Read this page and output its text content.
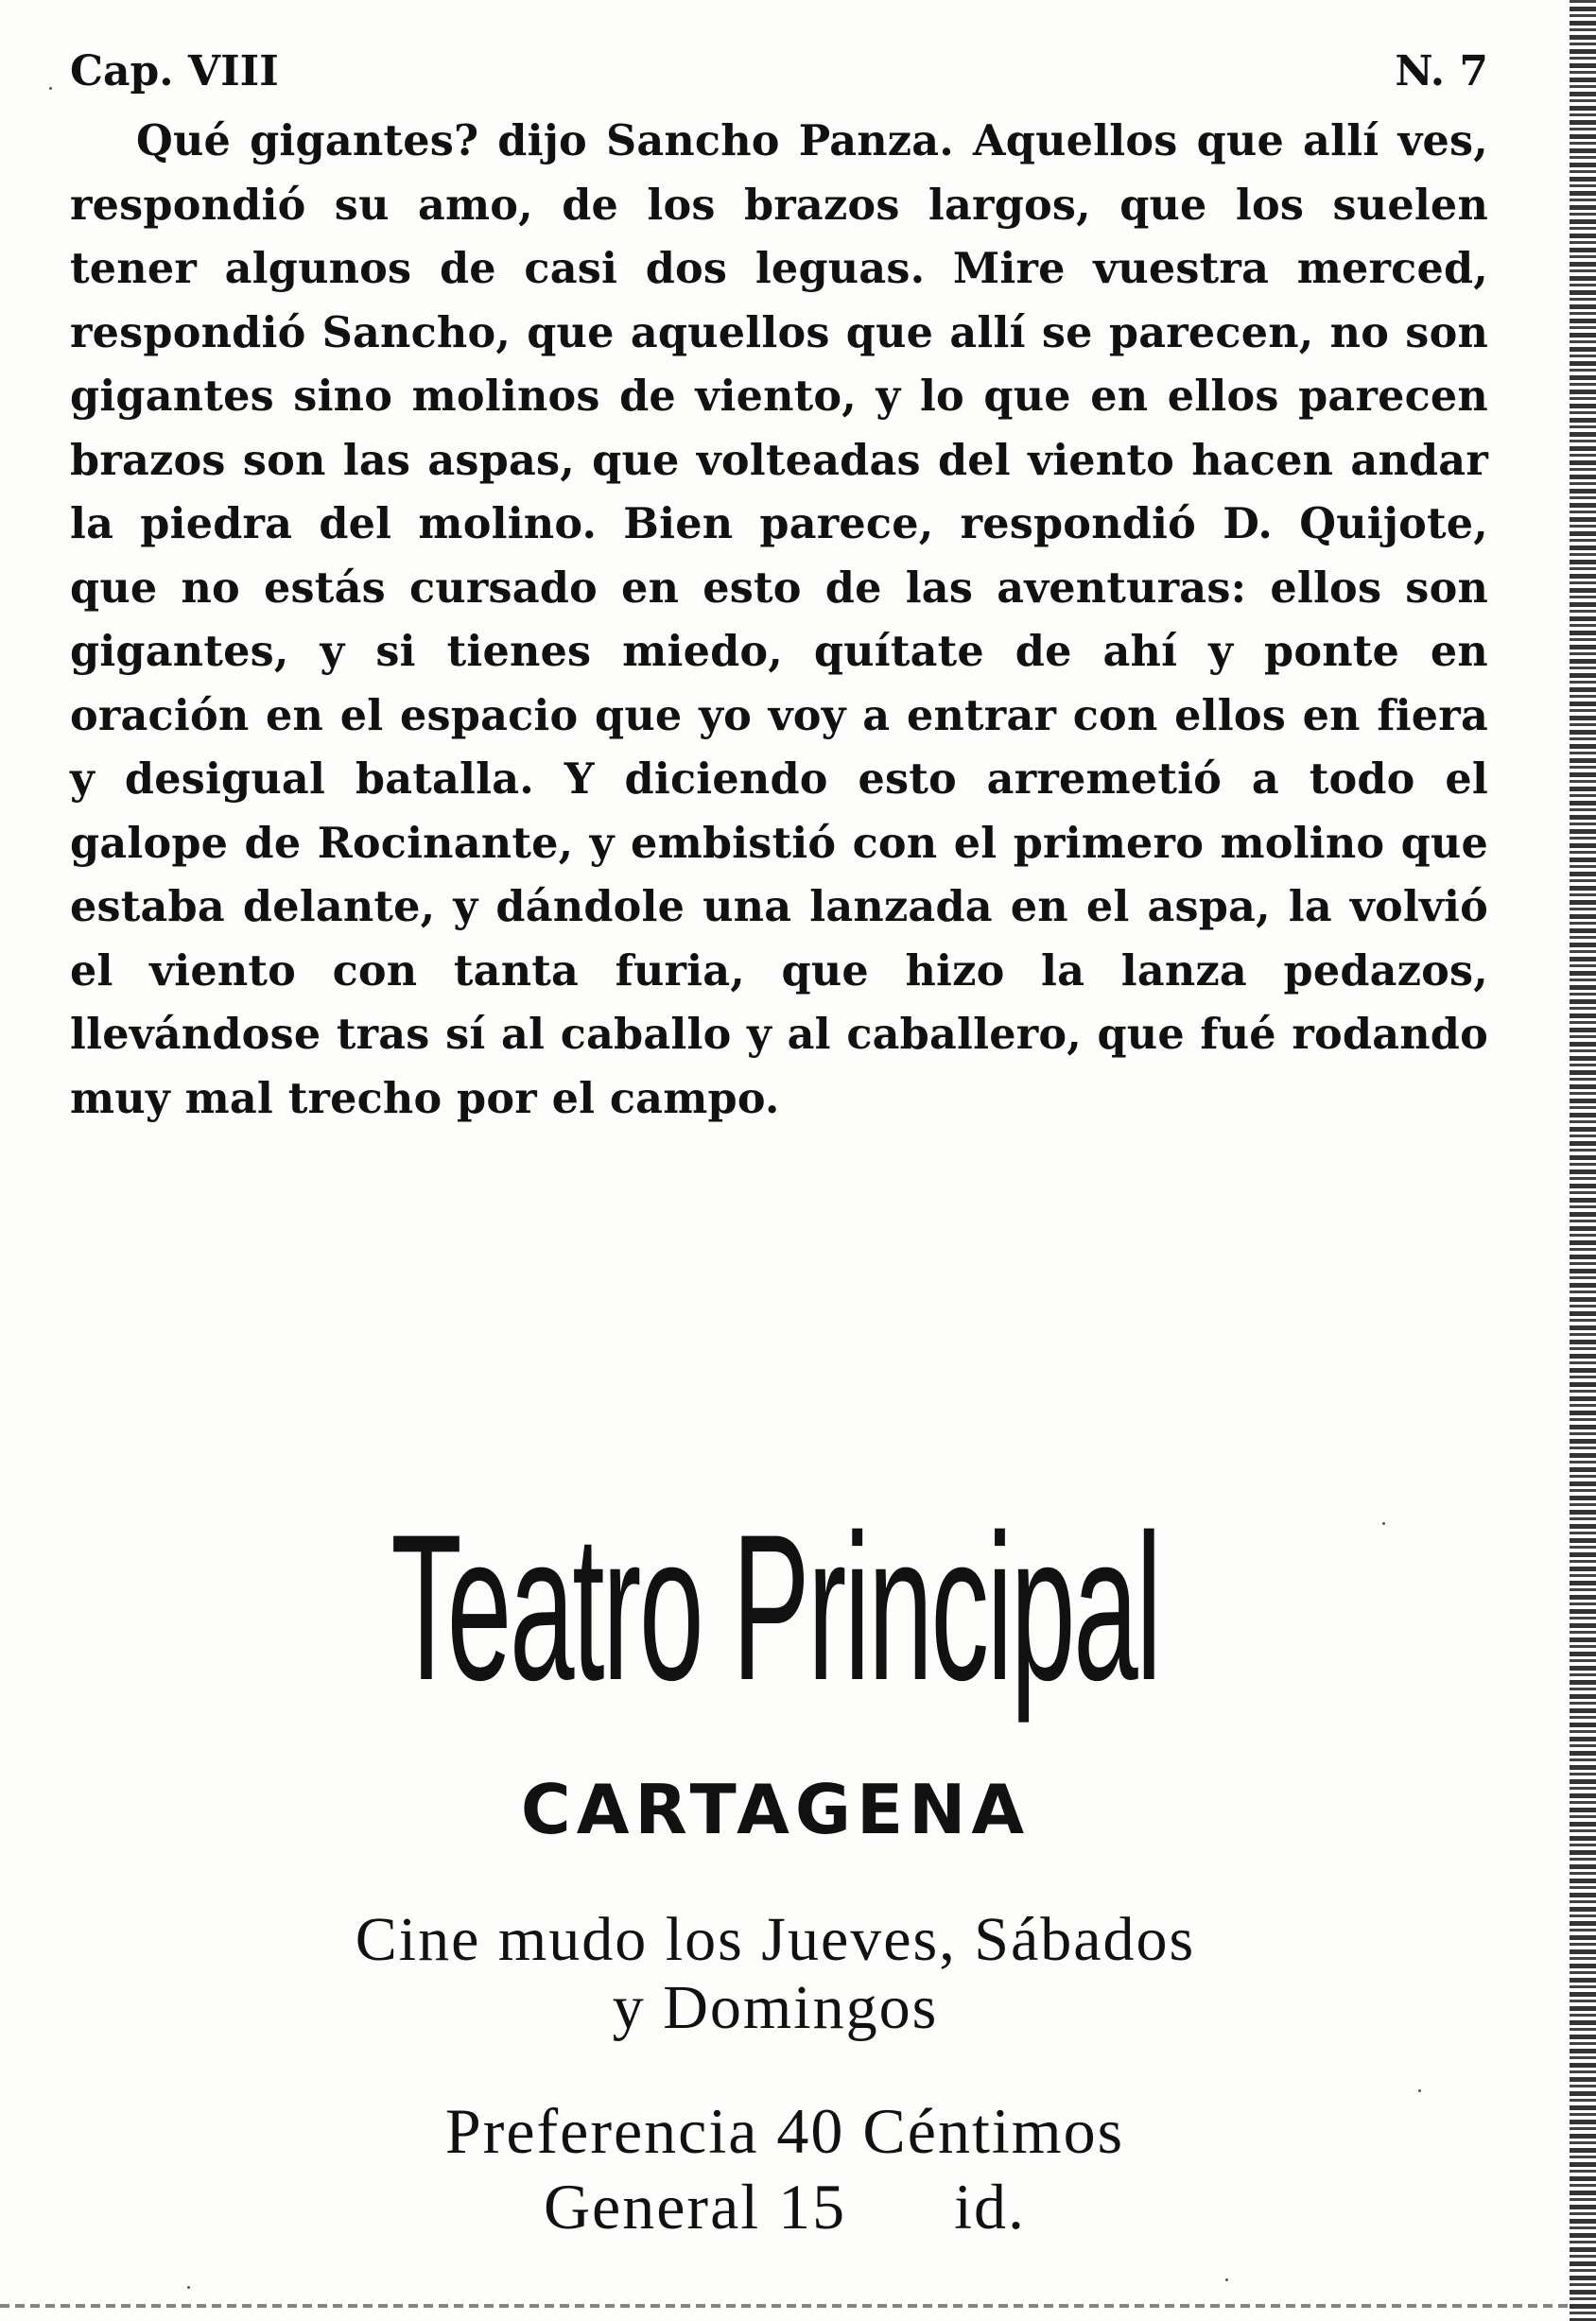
Cap. VIII	N. 7
Qué gigantes? dijo Sancho Panza. Aquellos que allí ves, respondió su amo, de los brazos largos, que los suelen tener algunos de casi dos leguas. Mire vuestra merced, respondió Sancho, que aquellos que allí se parecen, no son gigantes sino molinos de viento, y lo que en ellos parecen brazos son las aspas, que volteadas del viento hacen andar la piedra del molino. Bien parece, respondió D. Quijote, que no estás cursado en esto de las aventuras: ellos son gigantes, y si tienes miedo, quítate de ahí y ponte en oración en el espacio que yo voy a entrar con ellos en fiera y desigual batalla. Y diciendo esto arremetió a todo el galope de Rocinante, y embistió con el primero molino que estaba delante, y dándole una lanzada en el aspa, la volvió el viento con tanta furia, que hizo la lanza pedazos, llevándose tras sí al caballo y al caballero, que fué rodando muy mal trecho por el campo.
Teatro Principal
CARTAGENA
Cine mudo los Jueves, Sábados
y Domingos
Preferencia 40 Céntimos
General 15      id.
